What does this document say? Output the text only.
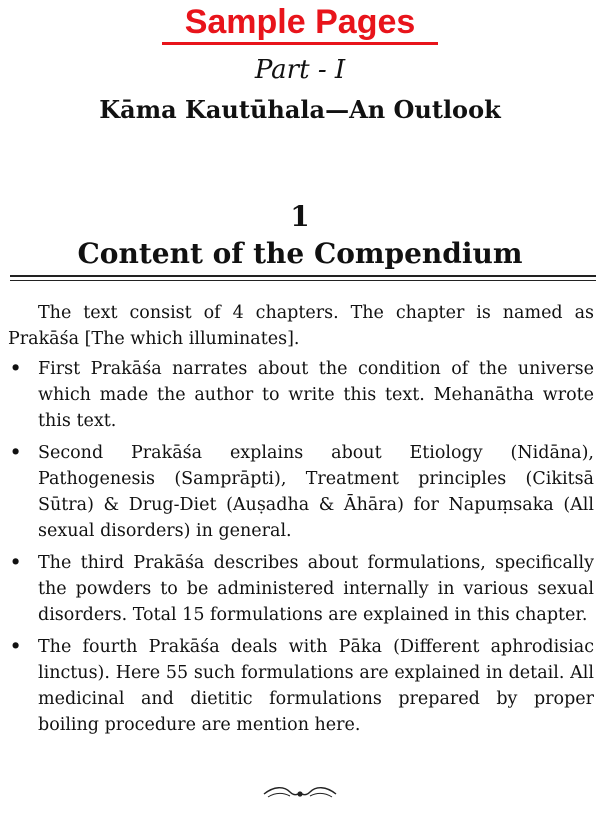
Sample Pages
Part - I
Kāma Kautūhala—An Outlook
1
Content of the Compendium

The text consist of 4 chapters. The chapter is named as Prakāśa [The which illuminates].

• First Prakāśa narrates about the condition of the universe which made the author to write this text. Mehanātha wrote this text.
• Second Prakāśa explains about Etiology (Nidāna), Pathogenesis (Samprāpti), Treatment principles (Cikitsā Sūtra) & Drug-Diet (Auṣadha & Āhāra) for Napuṃsaka (All sexual disorders) in general.
• The third Prakāśa describes about formulations, specifically the powders to be administered internally in various sexual disorders. Total 15 formulations are explained in this chapter.
• The fourth Prakāśa deals with Pāka (Different aphrodisiac linctus). Here 55 such formulations are explained in detail. All medicinal and dietitic formulations prepared by proper boiling procedure are mention here.
